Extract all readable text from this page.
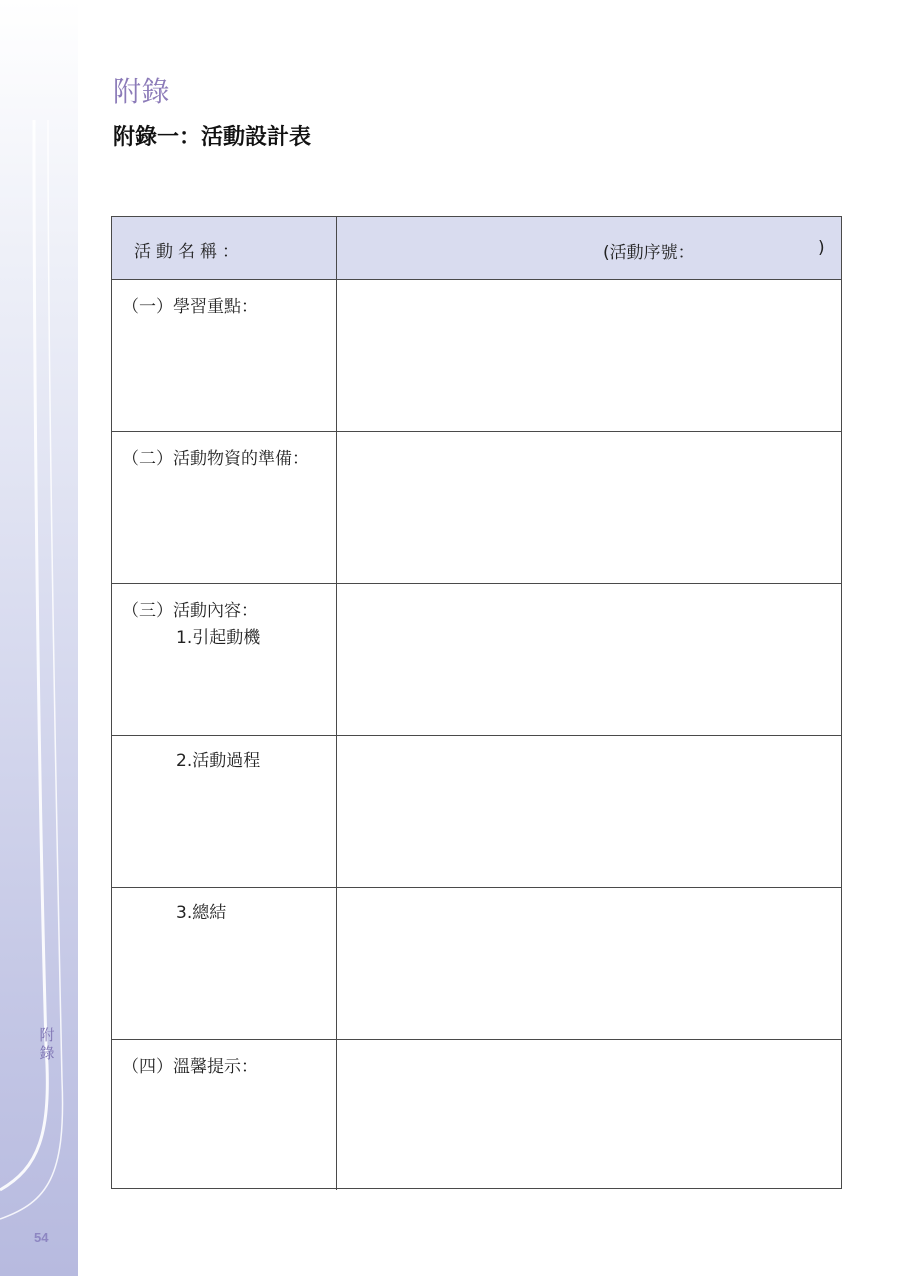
附
錄
54
附錄
附錄一：活動設計表
活動名稱：	(活動序號：	)
（一）學習重點：
（二）活動物資的準備：
（三）活動內容：
1.引起動機
2.活動過程
3.總結
（四）溫馨提示：
